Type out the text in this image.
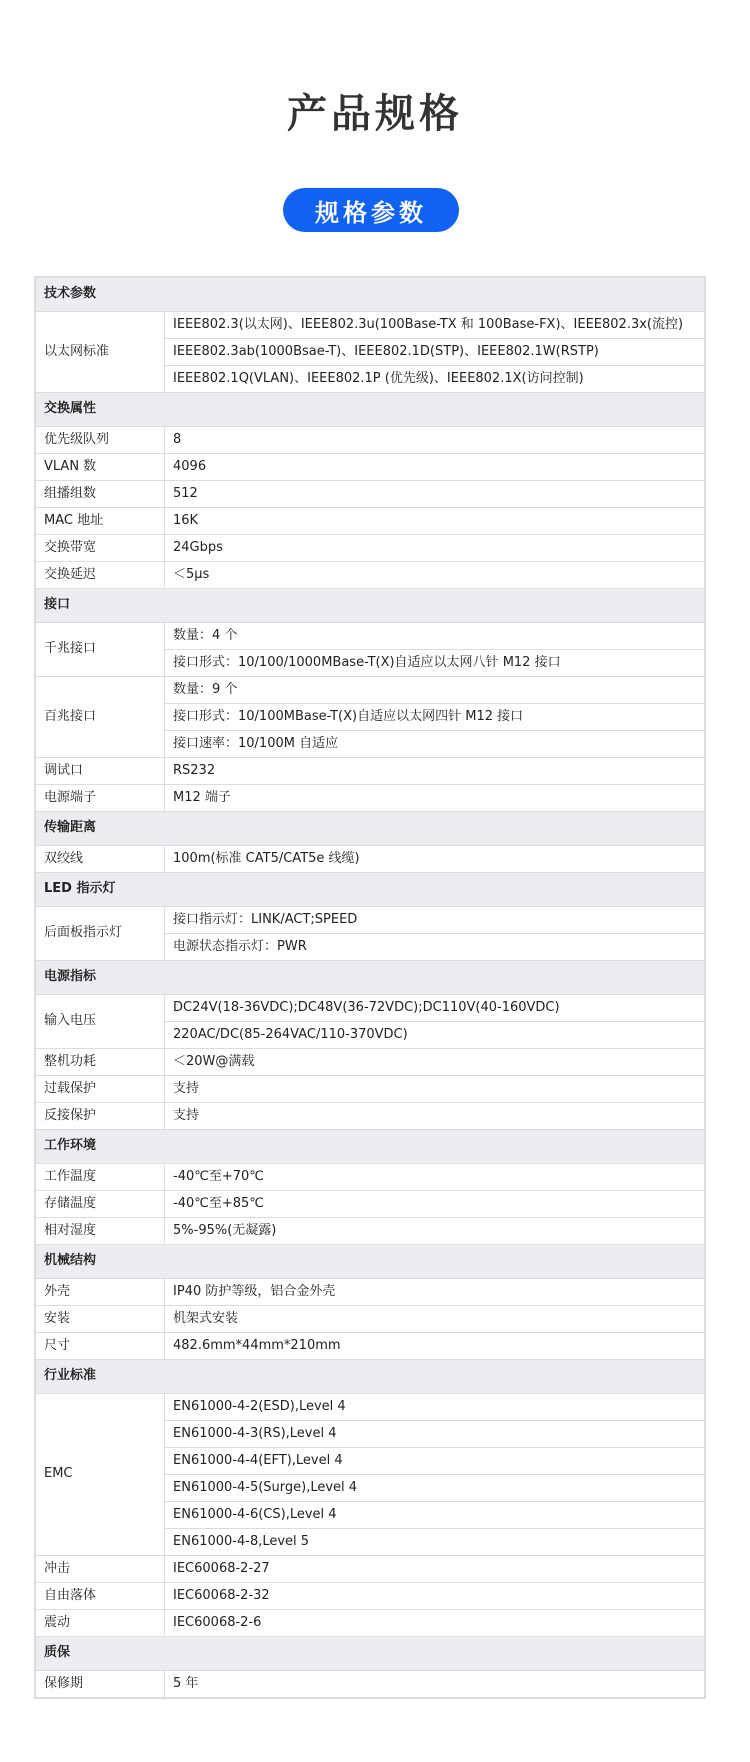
产品规格
规格参数
技术参数	
以太网标准	IEEE802.3(以太网)、IEEE802.3u(100Base-TX 和 100Base-FX)、IEEE802.3x(流控)
	IEEE802.3ab(1000Bsae-T)、IEEE802.1D(STP)、IEEE802.1W(RSTP)
	IEEE802.1Q(VLAN)、IEEE802.1P (优先级)、IEEE802.1X(访问控制)
交换属性	
优先级队列	8
VLAN 数	4096
组播组数	512
MAC 地址	16K
交换带宽	24Gbps
交换延迟	＜5μs
接口	
千兆接口	数量：4 个
	接口形式：10/100/1000MBase-T(X)自适应以太网八针 M12 接口
百兆接口	数量：9 个
	接口形式：10/100MBase-T(X)自适应以太网四针 M12 接口
	接口速率：10/100M 自适应
调试口	RS232
电源端子	M12 端子
传输距离	
双绞线	100m(标准 CAT5/CAT5e 线缆)
LED 指示灯	
后面板指示灯	接口指示灯：LINK/ACT;SPEED
	电源状态指示灯：PWR
电源指标	
输入电压	DC24V(18-36VDC);DC48V(36-72VDC);DC110V(40-160VDC)
	220AC/DC(85-264VAC/110-370VDC)
整机功耗	＜20W@满载
过载保护	支持
反接保护	支持
工作环境	
工作温度	-40℃至+70℃
存储温度	-40℃至+85℃
相对湿度	5%-95%(无凝露)
机械结构	
外壳	IP40 防护等级，铝合金外壳
安装	机架式安装
尺寸	482.6mm*44mm*210mm
行业标准	
EMC	EN61000-4-2(ESD),Level 4
	EN61000-4-3(RS),Level 4
	EN61000-4-4(EFT),Level 4
	EN61000-4-5(Surge),Level 4
	EN61000-4-6(CS),Level 4
	EN61000-4-8,Level 5
冲击	IEC60068-2-27
自由落体	IEC60068-2-32
震动	IEC60068-2-6
质保	
保修期	5 年
